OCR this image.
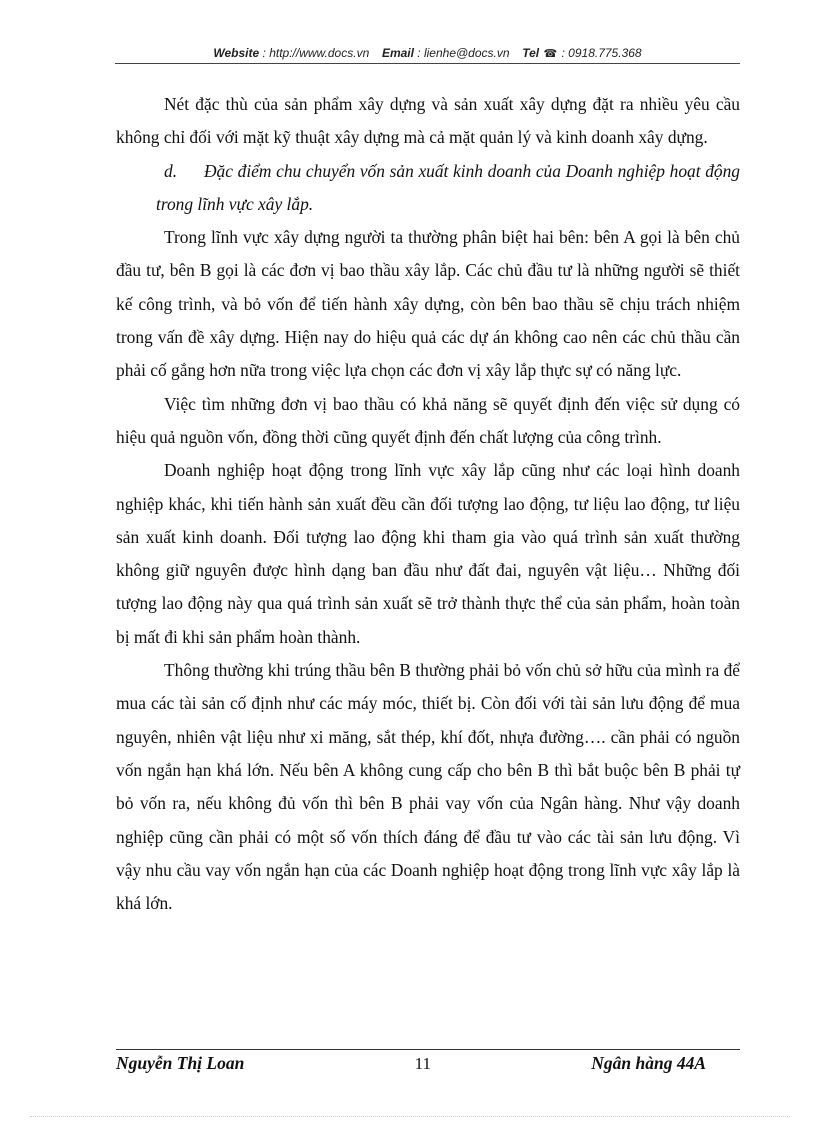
Website : http://www.docs.vn Email : lienhe@docs.vn Tel ☎ : 0918.775.368

Nét đặc thù của sản phẩm xây dựng và sản xuất xây dựng đặt ra nhiều yêu cầu không chỉ đối với mặt kỹ thuật xây dựng mà cả mặt quản lý và kinh doanh xây dựng.

d.	Đặc điểm chu chuyển vốn sản xuất kinh doanh của Doanh nghiệp hoạt động trong lĩnh vực xây lắp.

Trong lĩnh vực xây dựng người ta thường phân biệt hai bên: bên A gọi là bên chủ đầu tư, bên B gọi là các đơn vị bao thầu xây lắp. Các chủ đầu tư là những người sẽ thiết kế công trình, và bỏ vốn để tiến hành xây dựng, còn bên bao thầu sẽ chịu trách nhiệm trong vấn đề xây dựng. Hiện nay do hiệu quả các dự án không cao nên các chủ thầu cần phải cố gắng hơn nữa trong việc lựa chọn các đơn vị xây lắp thực sự có năng lực.

Việc tìm những đơn vị bao thầu có khả năng sẽ quyết định đến việc sử dụng có hiệu quả nguồn vốn, đồng thời cũng quyết định đến chất lượng của công trình.

Doanh nghiệp hoạt động trong lĩnh vực xây lắp cũng như các loại hình doanh nghiệp khác, khi tiến hành sản xuất đều cần đối tượng lao động, tư liệu lao động, tư liệu sản xuất kinh doanh. Đối tượng lao động khi tham gia vào quá trình sản xuất thường không giữ nguyên được hình dạng ban đầu như đất đai, nguyên vật liệu… Những đối tượng lao động này qua quá trình sản xuất sẽ trở thành thực thể của sản phẩm, hoàn toàn bị mất đi khi sản phẩm hoàn thành.

Thông thường khi trúng thầu bên B thường phải bỏ vốn chủ sở hữu của mình ra để mua các tài sản cố định như các máy móc, thiết bị. Còn đối với tài sản lưu động để mua nguyên, nhiên vật liệu như xi măng, sắt thép, khí đốt, nhựa đường…. cần phải có nguồn vốn ngắn hạn khá lớn. Nếu bên A không cung cấp cho bên B thì bắt buộc bên B phải tự bỏ vốn ra, nếu không đủ vốn thì bên B phải vay vốn của Ngân hàng. Như vậy doanh nghiệp cũng cần phải có một số vốn thích đáng để đầu tư vào các tài sản lưu động. Vì vậy nhu cầu vay vốn ngắn hạn của các Doanh nghiệp hoạt động trong lĩnh vực xây lắp là khá lớn.

Nguyễn Thị Loan	11	Ngân hàng 44A
